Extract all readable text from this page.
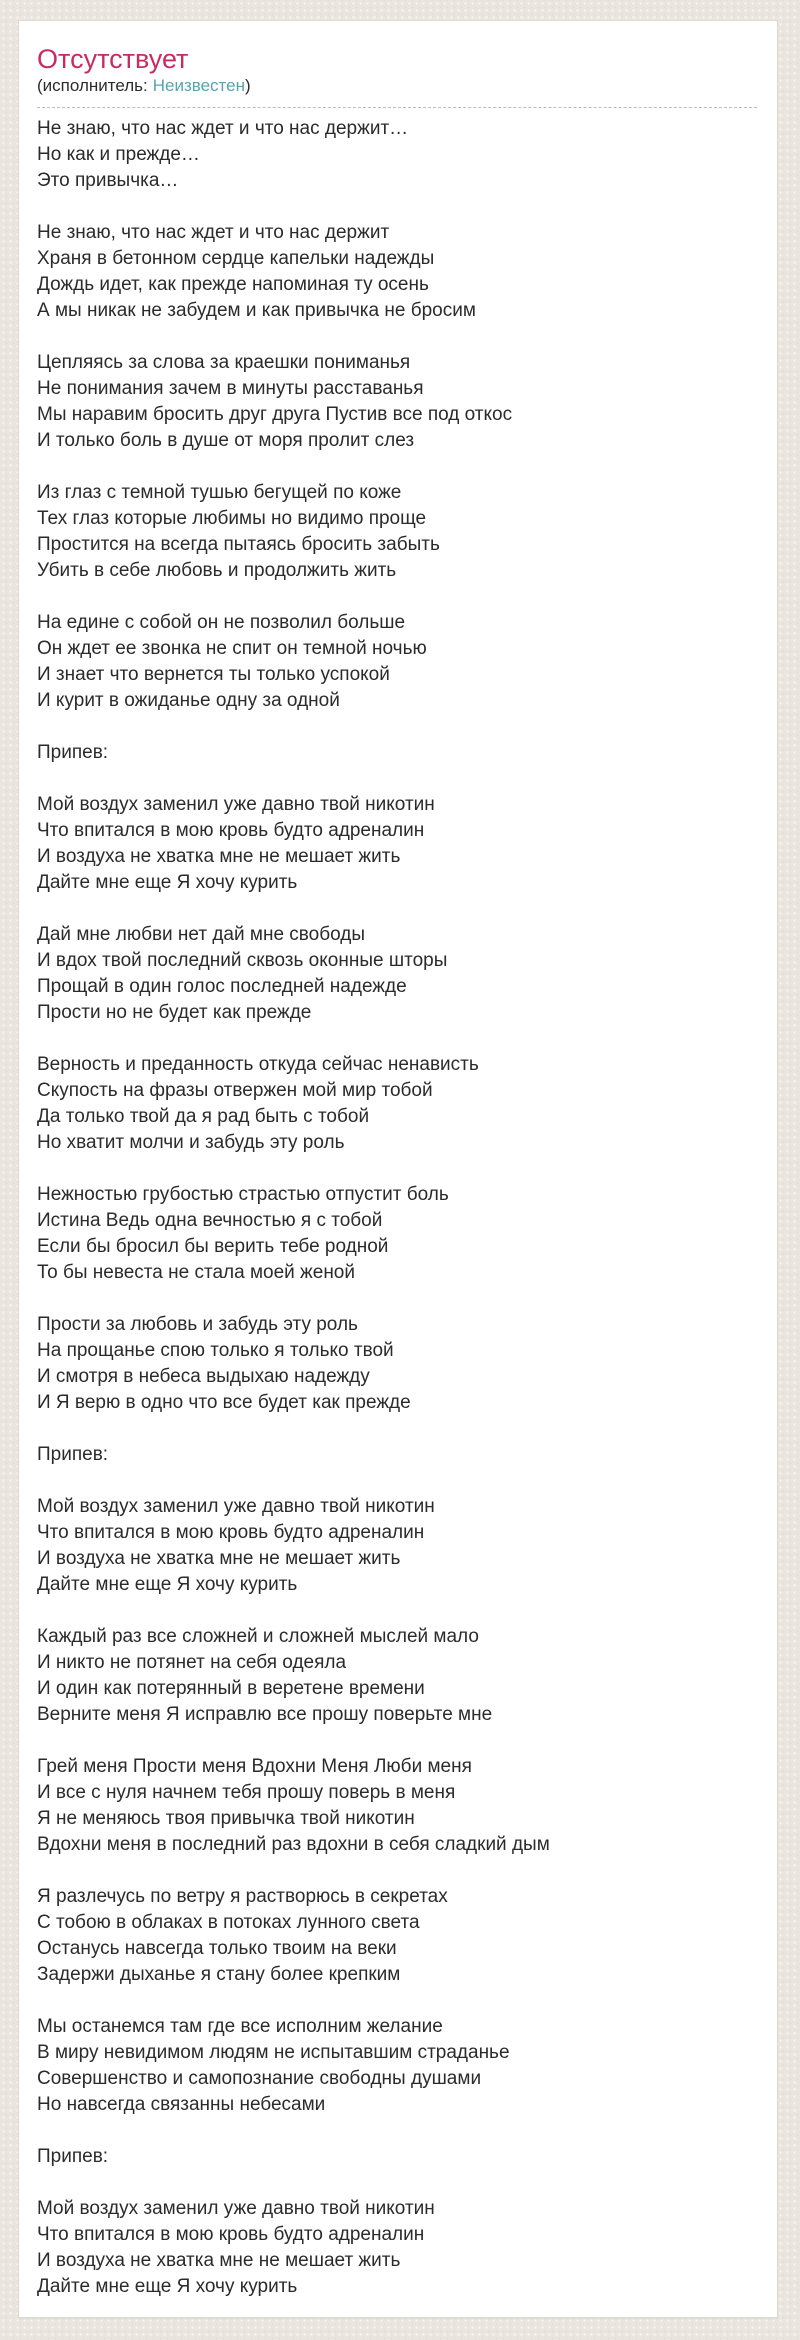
Отсутствует
(исполнитель: Неизвестен)

Не знаю, что нас ждет и что нас держит…
Но как и прежде…
Это привычка…

Не знаю, что нас ждет и что нас держит
Храня в бетонном сердце капельки надежды
Дождь идет, как прежде напоминая ту осень
А мы никак не забудем и как привычка не бросим

Цепляясь за слова за краешки пониманья
Не понимания зачем в минуты расставанья
Мы наравим бросить друг друга Пустив все под откос
И только боль в душе от моря пролит слез

Из глаз с темной тушью бегущей по коже
Тех глаз которые любимы но видимо проще
Простится на всегда пытаясь бросить забыть
Убить в себе любовь и продолжить жить

На едине с собой он не позволил больше
Он ждет ее звонка не спит он темной ночью
И знает что вернется ты только успокой
И курит в ожиданье одну за одной

Припев:

Мой воздух заменил уже давно твой никотин
Что впитался в мою кровь будто адреналин
И воздуха не хватка мне не мешает жить
Дайте мне еще Я хочу курить

Дай мне любви нет дай мне свободы
И вдох твой последний сквозь оконные шторы
Прощай в один голос последней надежде
Прости но не будет как прежде

Верность и преданность откуда сейчас ненависть
Скупость на фразы отвержен мой мир тобой
Да только твой да я рад быть с тобой
Но хватит молчи и забудь эту роль

Нежностью грубостью страстью отпустит боль
Истина Ведь одна вечностью я с тобой
Если бы бросил бы верить тебе родной
То бы невеста не стала моей женой

Прости за любовь и забудь эту роль
На прощанье спою только я только твой
И смотря в небеса выдыхаю надежду
И Я верю в одно что все будет как прежде

Припев:

Мой воздух заменил уже давно твой никотин
Что впитался в мою кровь будто адреналин
И воздуха не хватка мне не мешает жить
Дайте мне еще Я хочу курить

Каждый раз все сложней и сложней мыслей мало
И никто не потянет на себя одеяла
И один как потерянный в веретене времени
Верните меня Я исправлю все прошу поверьте мне

Грей меня Прости меня Вдохни Меня Люби меня
И все с нуля начнем тебя прошу поверь в меня
Я не меняюсь твоя привычка твой никотин
Вдохни меня в последний раз вдохни в себя сладкий дым

Я разлечусь по ветру я растворюсь в секретах
С тобою в облаках в потоках лунного света
Останусь навсегда только твоим на веки
Задержи дыханье я стану более крепким

Мы останемся там где все исполним желание
В миру невидимом людям не испытавшим страданье
Совершенство и самопознание свободны душами
Но навсегда связанны небесами

Припев:

Мой воздух заменил уже давно твой никотин
Что впитался в мою кровь будто адреналин
И воздуха не хватка мне не мешает жить
Дайте мне еще Я хочу курить
